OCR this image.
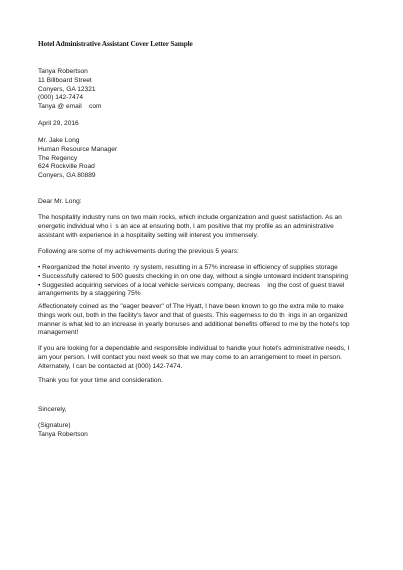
Hotel Administrative Assistant Cover Letter Sample
Tanya Robertson
11 Billboard Street
Conyers, GA 12321
(000) 142-7474
Tanya @ email    com
April 29, 2016
Mr. Jake Long
Human Resource Manager
The Regency
624 Rockville Road
Conyers, GA 80889
Dear Mr. Long:
The hospitality industry runs on two main rocks, which include organization and guest satisfaction. As an
energetic individual who i  s an ace at ensuring both, I am positive that my profile as an administrative
assistant with experience in a hospitality setting will interest you immensely.
Following are some of my achievements during the previous 5 years:
• Reorganized the hotel invento  ry system, resulting in a 57% increase in efficiency of supplies storage
• Successfully catered to 500 guests checking in on one day, without a single untoward incident transpiring
• Suggested acquiring services of a local vehicle services company, decreas    ing the cost of guest travel
arrangements by a staggering 75%
Affectionately coined as the "eager beaver" of The Hyatt, I have been known to go the extra mile to make
things work out, both in the facility's favor and that of guests. This eagerness to do th  ings in an organized
manner is what led to an increase in yearly bonuses and additional benefits offered to me by the hotel's top
management!
If you are looking for a dependable and responsible individual to handle your hotel's administrative needs, I
am your person. I will contact you next week so that we may come to an arrangement to meet in person.
Alternately, I can be contacted at (000) 142-7474.
Thank you for your time and consideration.
Sincerely,
(Signature)
Tanya Robertson
